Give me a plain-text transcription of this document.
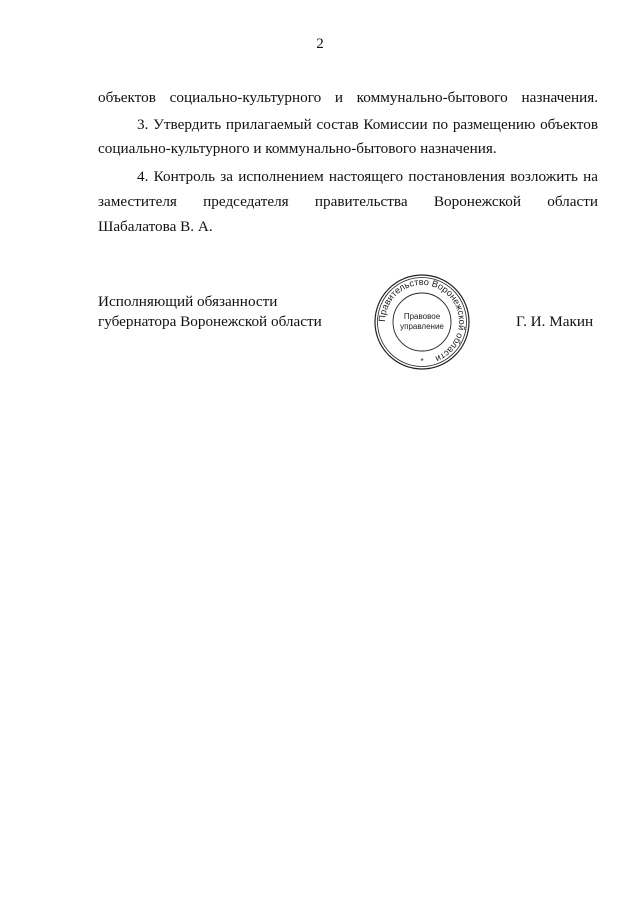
2

объектов социально-культурного и коммунально-бытового назначения.

3. Утвердить прилагаемый состав Комиссии по размещению объектов

социально-культурного и коммунально-бытового назначения.

4. Контроль за исполнением настоящего постановления возложить на

заместителя председателя правительства Воронежской области

Шабалатова В. А.

Исполняющий обязанности
губернатора Воронежской области	Г. И. Макин
Правительство Воронежской области
Правовое
управление
*
